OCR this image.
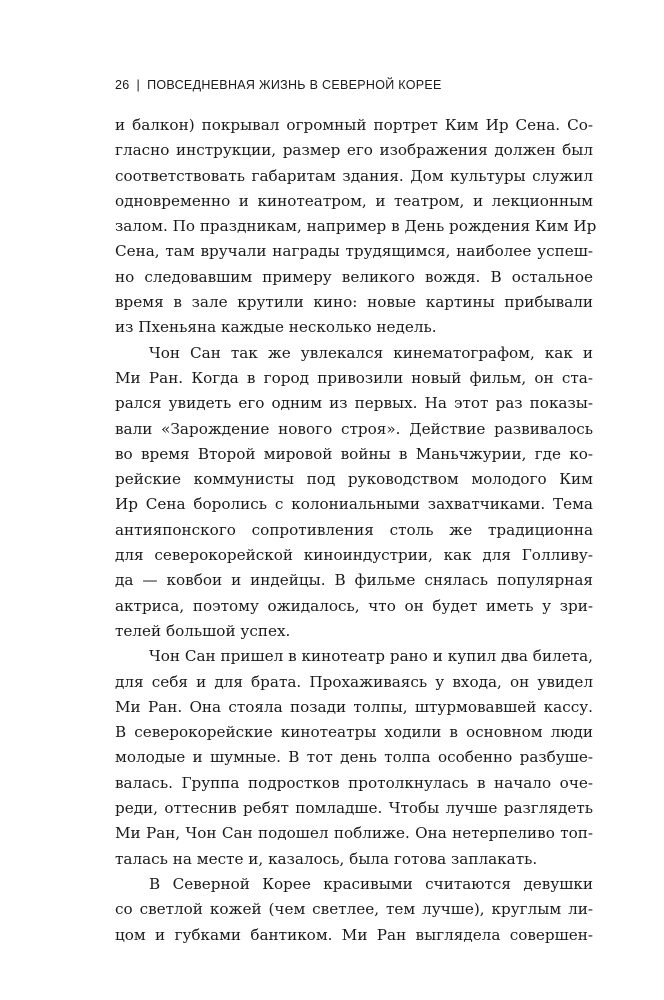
26 | ПОВСЕДНЕВНАЯ ЖИЗНЬ В СЕВЕРНОЙ КОРЕЕ
и балкон) покрывал огромный портрет Ким Ир Сена. Со-
гласно инструкции, размер его изображения должен был
соответствовать габаритам здания. Дом культуры служил
одновременно и кинотеатром, и театром, и лекционным
залом. По праздникам, например в День рождения Ким Ир
Сена, там вручали награды трудящимся, наиболее успеш-
но следовавшим примеру великого вождя. В остальное
время в зале крутили кино: новые картины прибывали
из Пхеньяна каждые несколько недель.
Чон Сан так же увлекался кинематографом, как и
Ми Ран. Когда в город привозили новый фильм, он ста-
рался увидеть его одним из первых. На этот раз показы-
вали «Зарождение нового строя». Действие развивалось
во время Второй мировой войны в Маньчжурии, где ко-
рейские коммунисты под руководством молодого Ким
Ир Сена боролись с колониальными захватчиками. Тема
антияпонского сопротивления столь же традиционна
для северокорейской киноиндустрии, как для Голливу-
да — ковбои и индейцы. В фильме снялась популярная
актриса, поэтому ожидалось, что он будет иметь у зри-
телей большой успех.
Чон Сан пришел в кинотеатр рано и купил два билета,
для себя и для брата. Прохаживаясь у входа, он увидел
Ми Ран. Она стояла позади толпы, штурмовавшей кассу.
В северокорейские кинотеатры ходили в основном люди
молодые и шумные. В тот день толпа особенно разбуше-
валась. Группа подростков протолкнулась в начало оче-
реди, оттеснив ребят помладше. Чтобы лучше разглядеть
Ми Ран, Чон Сан подошел поближе. Она нетерпеливо топ-
талась на месте и, казалось, была готова заплакать.
В Северной Корее красивыми считаются девушки
со светлой кожей (чем светлее, тем лучше), круглым ли-
цом и губками бантиком. Ми Ран выглядела совершен-
